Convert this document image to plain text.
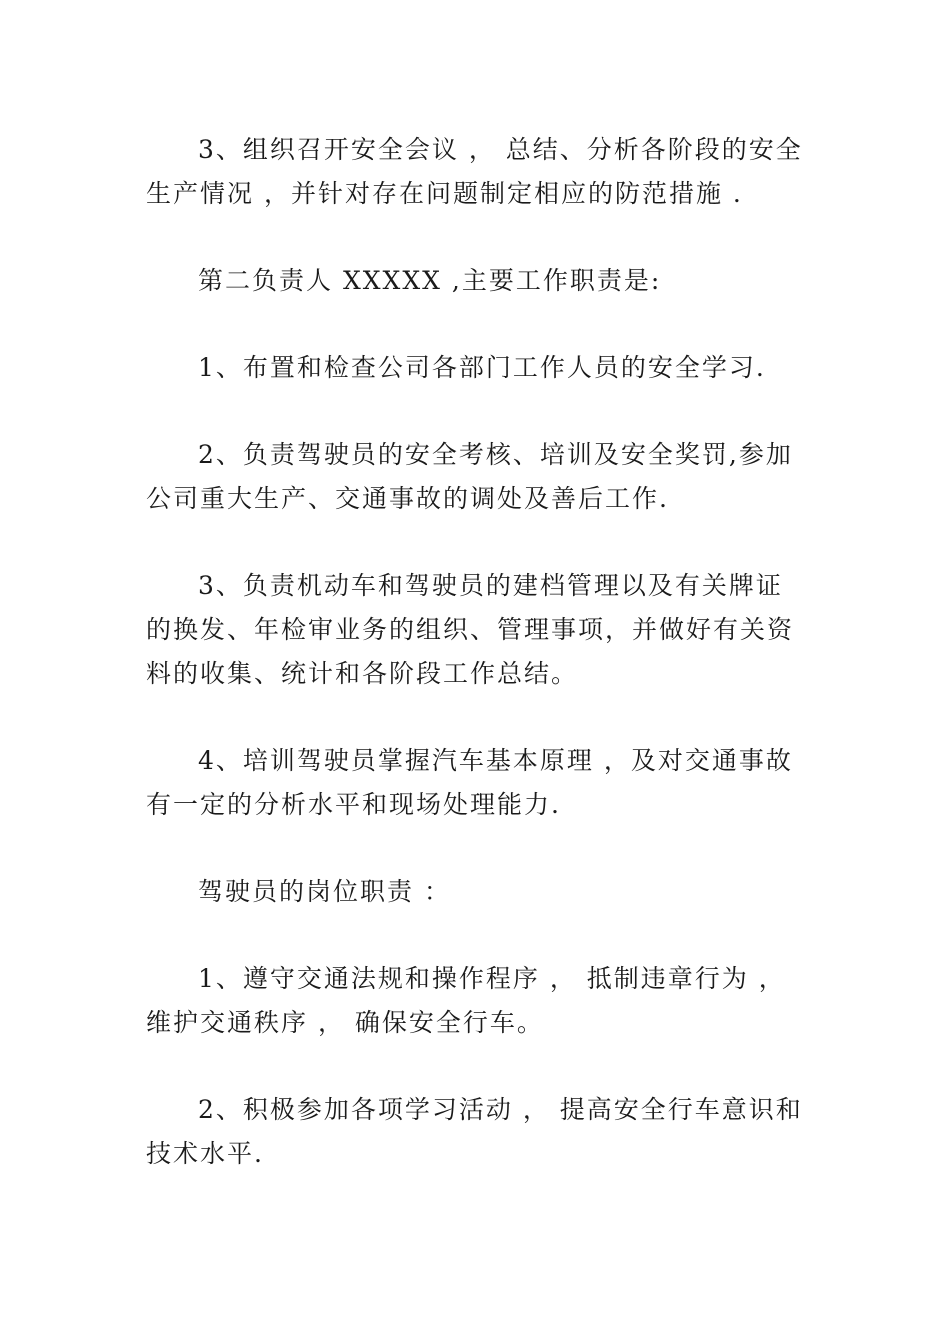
3、组织召开安全会议 ， 总结、分析各阶段的安全生产情况 ，并针对存在问题制定相应的防范措施 .

第二负责人 XXXXX ,主要工作职责是:

1、布置和检查公司各部门工作人员的安全学习.

2、负责驾驶员的安全考核、培训及安全奖罚,参加公司重大生产、交通事故的调处及善后工作.

3、负责机动车和驾驶员的建档管理以及有关牌证的换发、年检审业务的组织、管理事项，并做好有关资料的收集、统计和各阶段工作总结。

4、培训驾驶员掌握汽车基本原理 ，及对交通事故有一定的分析水平和现场处理能力.

驾驶员的岗位职责 ：

1、遵守交通法规和操作程序 ， 抵制违章行为 ， 维护交通秩序 ， 确保安全行车。

2、积极参加各项学习活动 ， 提高安全行车意识和技术水平.
